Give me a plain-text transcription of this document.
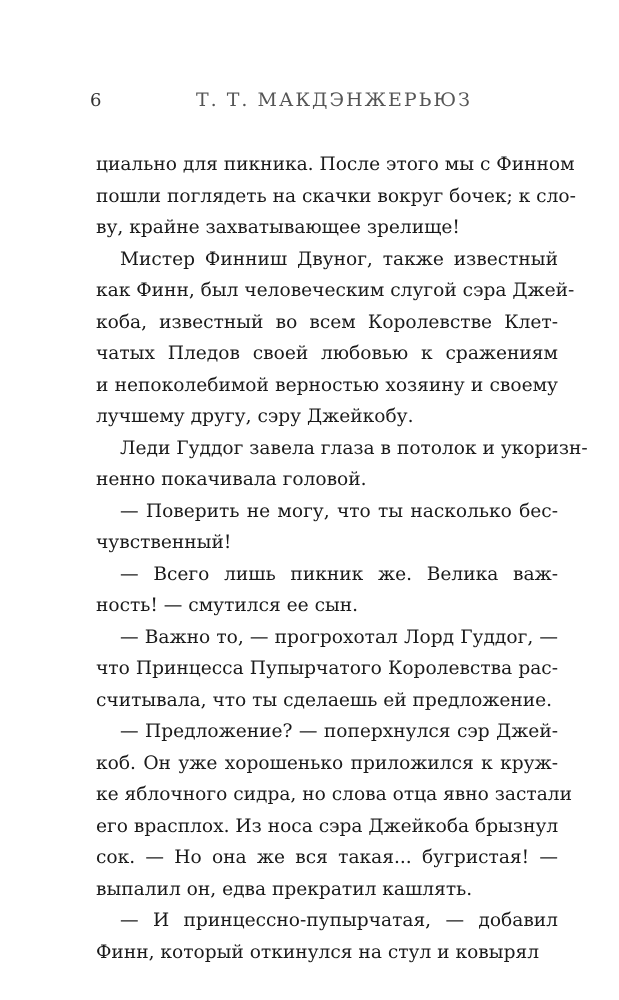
6	Т. Т. МАКДЭНЖЕРЬЮЗ
циально для пикника. После этого мы с Финном
пошли поглядеть на скачки вокруг бочек; к сло-
ву, крайне захватывающее зрелище!
Мистер Финниш Двуног, также известный
как Финн, был человеческим слугой сэра Джей-
коба, известный во всем Королевстве Клет-
чатых Пледов своей любовью к сражениям
и непоколебимой верностью хозяину и своему
лучшему другу, сэру Джейкобу.
Леди Гуддог завела глаза в потолок и укоризн-
ненно покачивала головой.
— Поверить не могу, что ты насколько бес-
чувственный!
— Всего лишь пикник же. Велика важ-
ность! — смутился ее сын.
— Важно то, — прогрохотал Лорд Гуддог, —
что Принцесса Пупырчатого Королевства рас-
считывала, что ты сделаешь ей предложение.
— Предложение? — поперхнулся сэр Джей-
коб. Он уже хорошенько приложился к круж-
ке яблочного сидра, но слова отца явно застали
его врасплох. Из носа сэра Джейкоба брызнул
сок. — Но она же вся такая... бугристая! —
выпалил он, едва прекратил кашлять.
— И принцессно-пупырчатая, — добавил
Финн, который откинулся на стул и ковырял
